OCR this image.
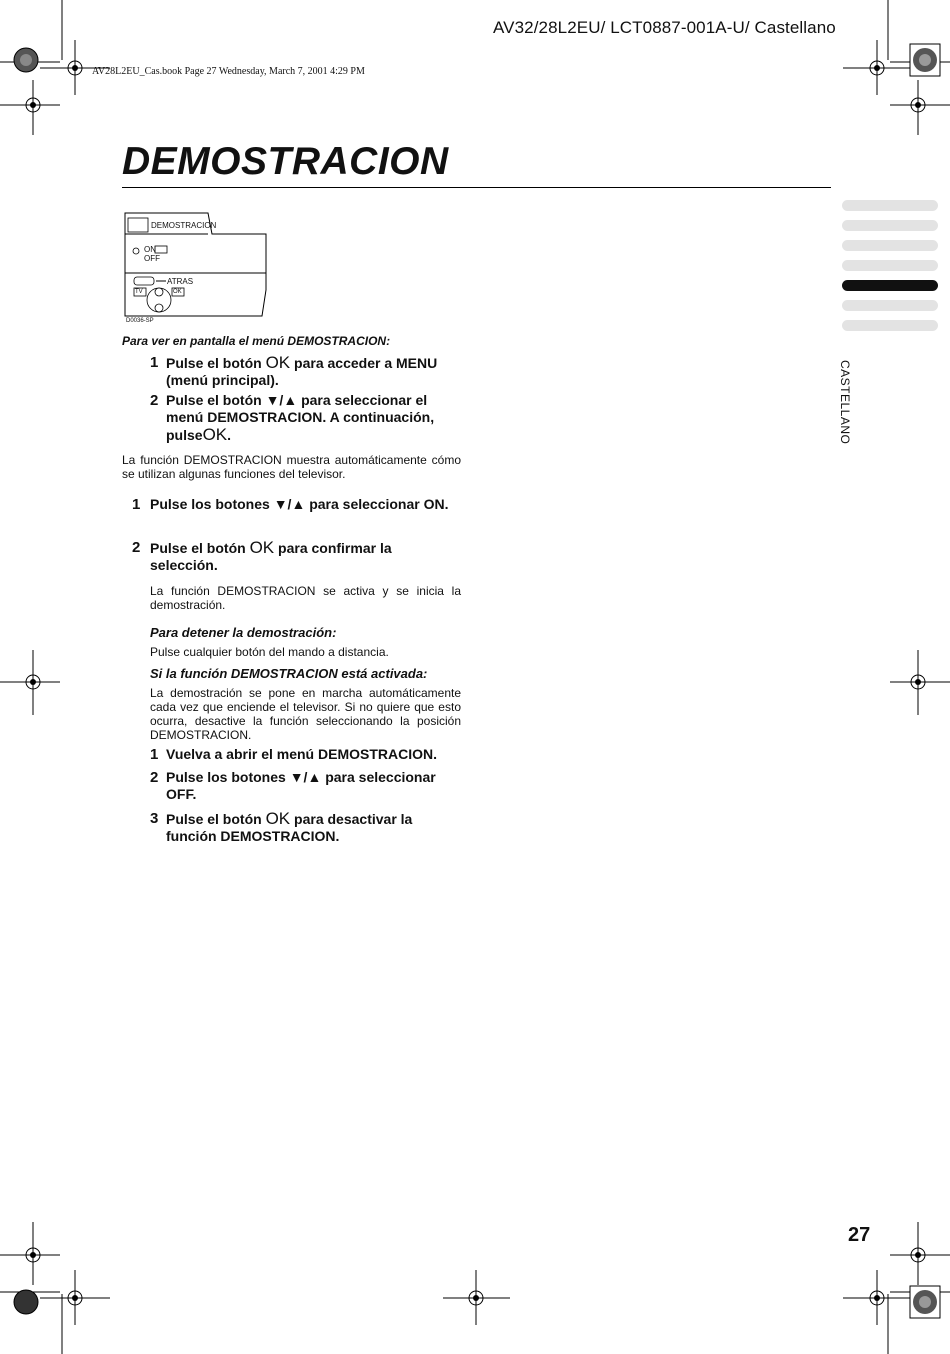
AV32/28L2EU/ LCT0887-001A-U/ Castellano
AV28L2EU_Cas.book Page 27 Wednesday, March 7, 2001 4:29 PM
DEMOSTRACION
CASTELLANO
DEMOSTRACION
ON
OFF
ATRAS
TV	OK
D0036-SP
Para ver en pantalla el menú DEMOSTRACION:
1 Pulse el botón OK para acceder a MENU (menú principal).
2 Pulse el botón ▼/▲ para seleccionar el menú DEMOSTRACION. A continuación, pulseOK.
La función DEMOSTRACION muestra automáticamente cómo se utilizan algunas funciones del televisor.
1 Pulse los botones ▼/▲ para seleccionar ON.
2 Pulse el botón OK para confirmar la selección.
La función DEMOSTRACION se activa y se inicia la demostración.
Para detener la demostración:
Pulse cualquier botón del mando a distancia.
Si la función DEMOSTRACION está activada:
La demostración se pone en marcha automáticamente cada vez que enciende el televisor. Si no quiere que esto ocurra, desactive la función seleccionando la posición DEMOSTRACION.
1 Vuelva a abrir el menú DEMOSTRACION.
2 Pulse los botones ▼/▲ para seleccionar OFF.
3 Pulse el botón OK para desactivar la función DEMOSTRACION.
27
